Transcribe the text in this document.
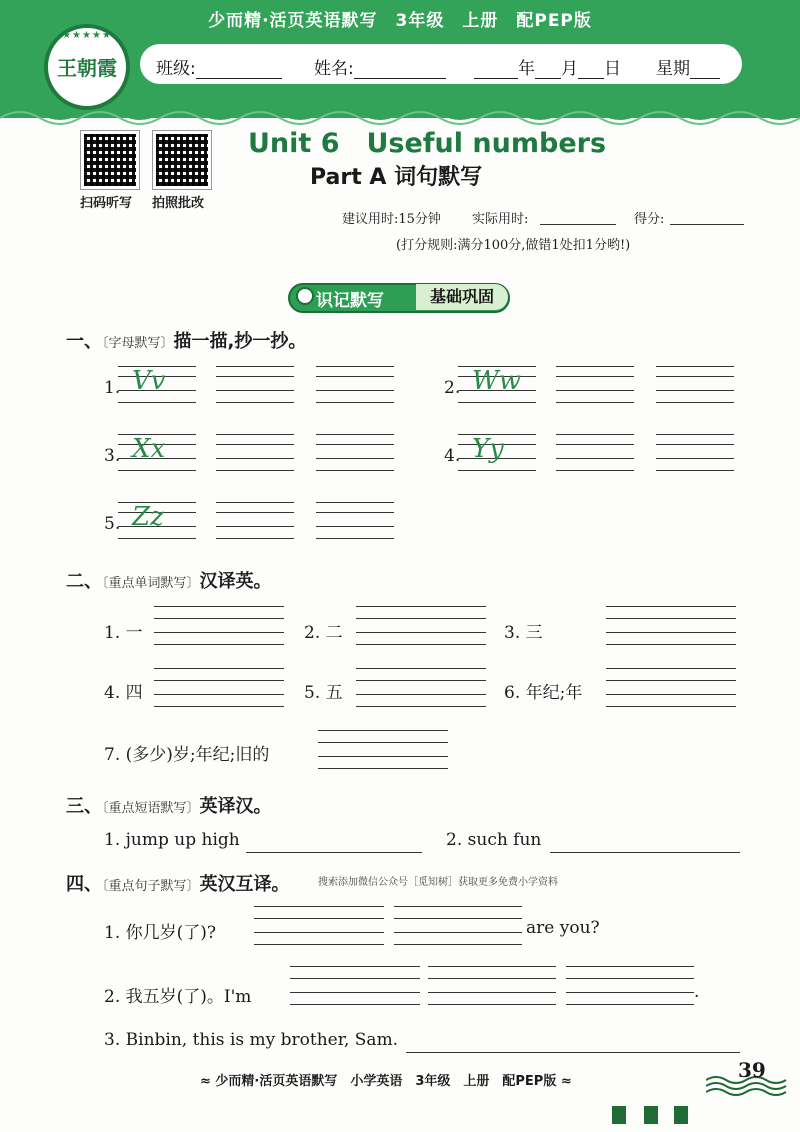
少而精·活页英语默写　3年级　上册　配PEP版
★★★★★
王朝霞	班级:	姓名:	年 月 日 星期
扫码听写 拍照批改
Unit 6　Useful numbers
Part A 词句默写
建议用时:15分钟 实际用时:	得分:
(打分规则:满分100分,做错1处扣1分哟!)
识记默写	基础巩固
一、〔字母默写〕描一描,抄一抄。
1. Vv	2. Ww
3. Xx	4. Yy
5. Zz
二、〔重点单词默写〕汉译英。
1. 一	2. 二	3. 三
4. 四	5. 五	6. 年纪;年
7. (多少)岁;年纪;旧的
三、〔重点短语默写〕英译汉。
1. jump up high	2. such fun
四、〔重点句子默写〕英汉互译。	搜索添加微信公众号［觅知树］获取更多免费小学资料
1. 你几岁(了)?	are you?
2. 我五岁(了)。I'm	.
3. Binbin, this is my brother, Sam.
≈ 少而精·活页英语默写　小学英语　3年级　上册　配PEP版 ≈	39
